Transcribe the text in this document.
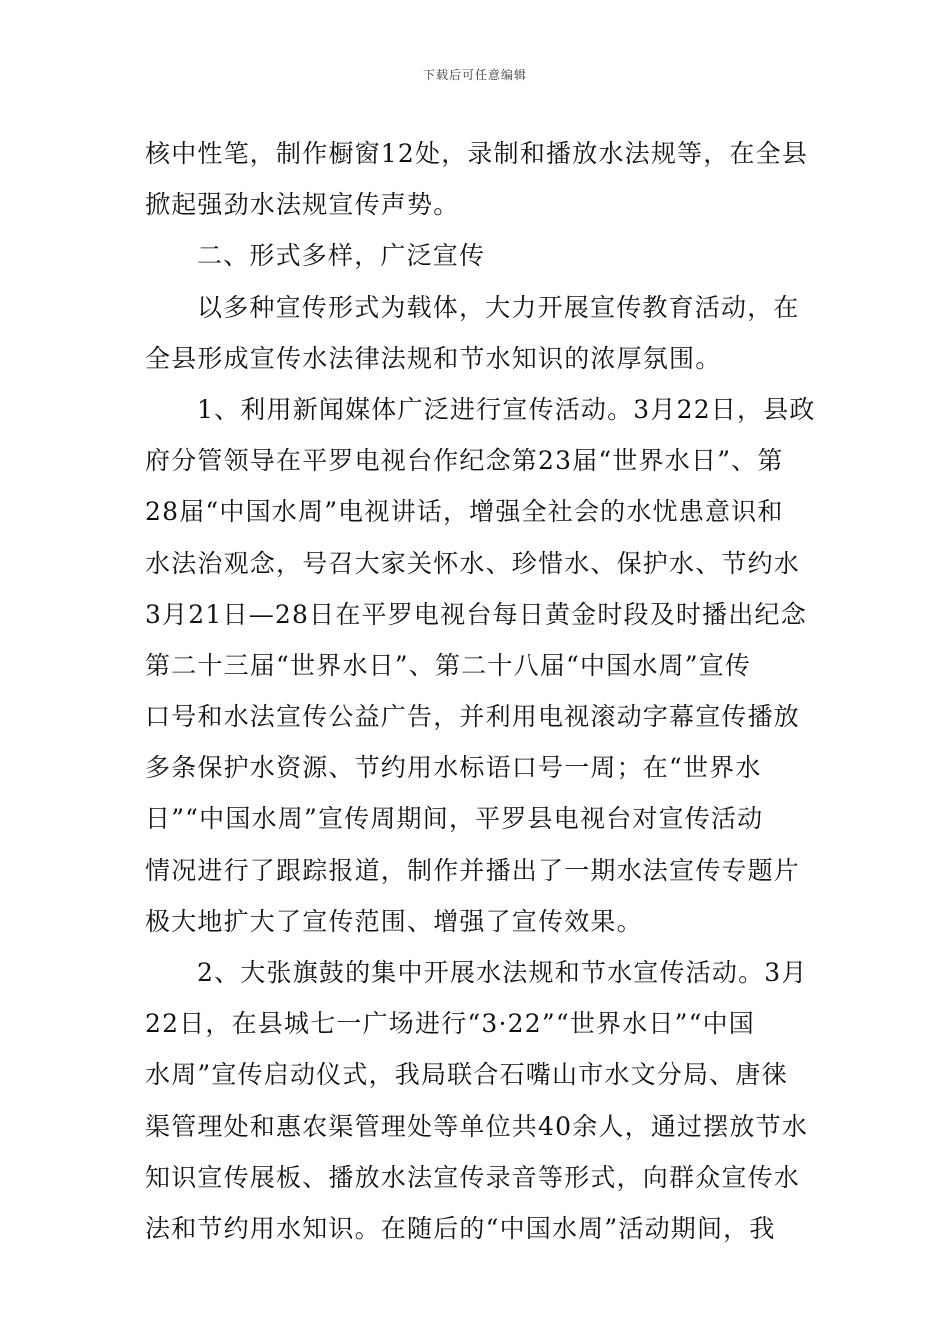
下载后可任意编辑
核中性笔，制作橱窗12处，录制和播放水法规等，在全县
掀起强劲水法规宣传声势。
二、形式多样，广泛宣传
以多种宣传形式为载体，大力开展宣传教育活动，在
全县形成宣传水法律法规和节水知识的浓厚氛围。
1、利用新闻媒体广泛进行宣传活动。3月22日，县政
府分管领导在平罗电视台作纪念第23届“世界水日”、第
28届“中国水周”电视讲话，增强全社会的水忧患意识和
水法治观念，号召大家关怀水、珍惜水、保护水、节约水
3月21日—28日在平罗电视台每日黄金时段及时播出纪念
第二十三届“世界水日”、第二十八届“中国水周”宣传
口号和水法宣传公益广告，并利用电视滚动字幕宣传播放
多条保护水资源、节约用水标语口号一周；在“世界水
日”“中国水周”宣传周期间，平罗县电视台对宣传活动
情况进行了跟踪报道，制作并播出了一期水法宣传专题片
极大地扩大了宣传范围、增强了宣传效果。
2、大张旗鼓的集中开展水法规和节水宣传活动。3月
22日，在县城七一广场进行“3·22”“世界水日”“中国
水周”宣传启动仪式，我局联合石嘴山市水文分局、唐徕
渠管理处和惠农渠管理处等单位共40余人，通过摆放节水
知识宣传展板、播放水法宣传录音等形式，向群众宣传水
法和节约用水知识。在随后的“中国水周”活动期间，我
